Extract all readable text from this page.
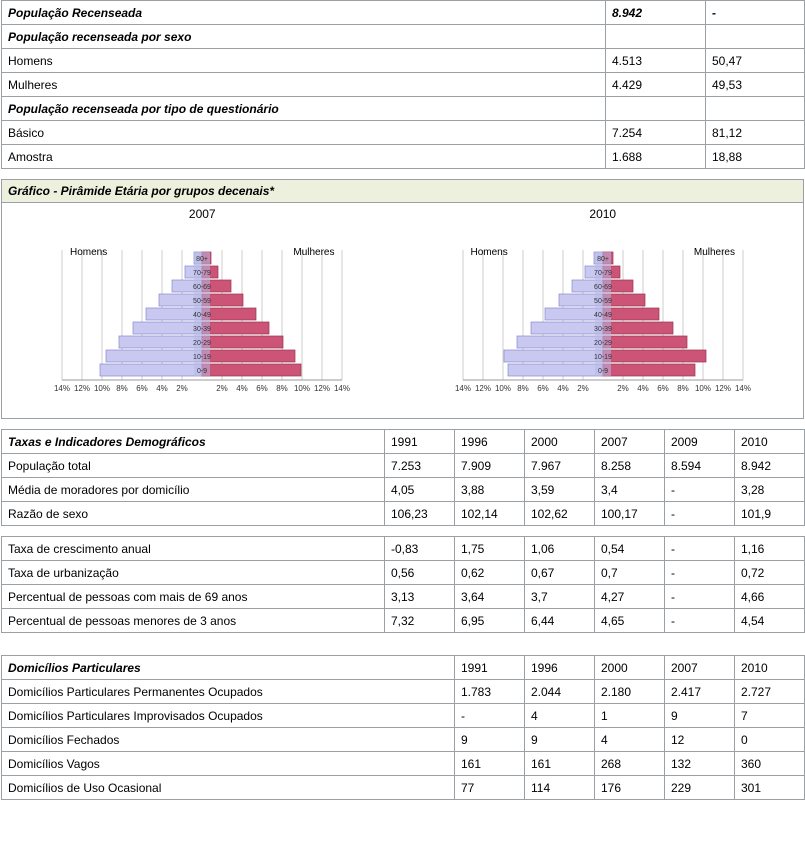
População Recenseada	8.942	-
População recenseada por sexo		
Homens	4.513	50,47
Mulheres	4.429	49,53
População recenseada por tipo de questionário		
Básico	7.254	81,12
Amostra	1.688	18,88
Gráfico - Pirâmide Etária por grupos decenais*
2007
Homens	Mulheres
80+
70-79
60-69
50-59
40-49
30-39
20-29
10-19
0-9
14% 12% 10% 8% 6% 4% 2%	2% 4% 6% 8% 10% 12% 14%
2010
Homens	Mulheres
80+
70-79
60-69
50-59
40-49
30-39
20-29
10-19
0-9
14% 12% 10% 8% 6% 4% 2%	2% 4% 6% 8% 10% 12% 14%
Taxas e Indicadores Demográficos	1991	1996	2000	2007	2009	2010
População total	7.253	7.909	7.967	8.258	8.594	8.942
Média de moradores por domicílio	4,05	3,88	3,59	3,4	-	3,28
Razão de sexo	106,23	102,14	102,62	100,17	-	101,9
Taxa de crescimento anual	-0,83	1,75	1,06	0,54	-	1,16
Taxa de urbanização	0,56	0,62	0,67	0,7	-	0,72
Percentual de pessoas com mais de 69 anos	3,13	3,64	3,7	4,27	-	4,66
Percentual de pessoas menores de 3 anos	7,32	6,95	6,44	4,65	-	4,54
Domicílios Particulares	1991	1996	2000	2007	2010
Domicílios Particulares Permanentes Ocupados	1.783	2.044	2.180	2.417	2.727
Domicílios Particulares Improvisados Ocupados	-	4	1	9	7
Domicílios Fechados	9	9	4	12	0
Domicílios Vagos	161	161	268	132	360
Domicílios de Uso Ocasional	77	114	176	229	301
